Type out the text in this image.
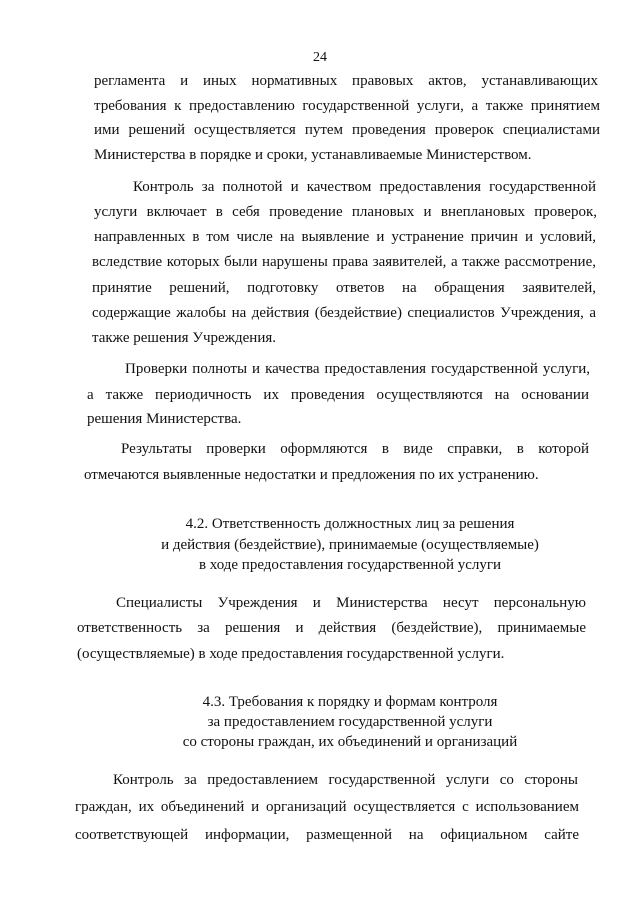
24
регламента и иных нормативных правовых актов, устанавливающих
требования к предоставлению государственной услуги, а также принятием
ими решений осуществляется путем проведения проверок специалистами
Министерства в порядке и сроки, устанавливаемые Министерством.
Контроль за полнотой и качеством предоставления государственной
услуги включает в себя проведение плановых и внеплановых проверок,
направленных в том числе на выявление и устранение причин и условий,
вследствие которых были нарушены права заявителей, а также рассмотрение,
принятие решений, подготовку ответов на обращения заявителей,
содержащие жалобы на действия (бездействие) специалистов Учреждения, а
также решения Учреждения.
Проверки полноты и качества предоставления государственной услуги,
а также периодичность их проведения осуществляются на основании
решения Министерства.
Результаты проверки оформляются в виде справки, в которой
отмечаются выявленные недостатки и предложения по их устранению.
4.2. Ответственность должностных лиц за решения
и действия (бездействие), принимаемые (осуществляемые)
в ходе предоставления государственной услуги
Специалисты Учреждения и Министерства несут персональную
ответственность за решения и действия (бездействие), принимаемые
(осуществляемые) в ходе предоставления государственной услуги.
4.3. Требования к порядку и формам контроля
за предоставлением государственной услуги
со стороны граждан, их объединений и организаций
Контроль за предоставлением государственной услуги со стороны
граждан, их объединений и организаций осуществляется с использованием
соответствующей информации, размещенной на официальном сайте
